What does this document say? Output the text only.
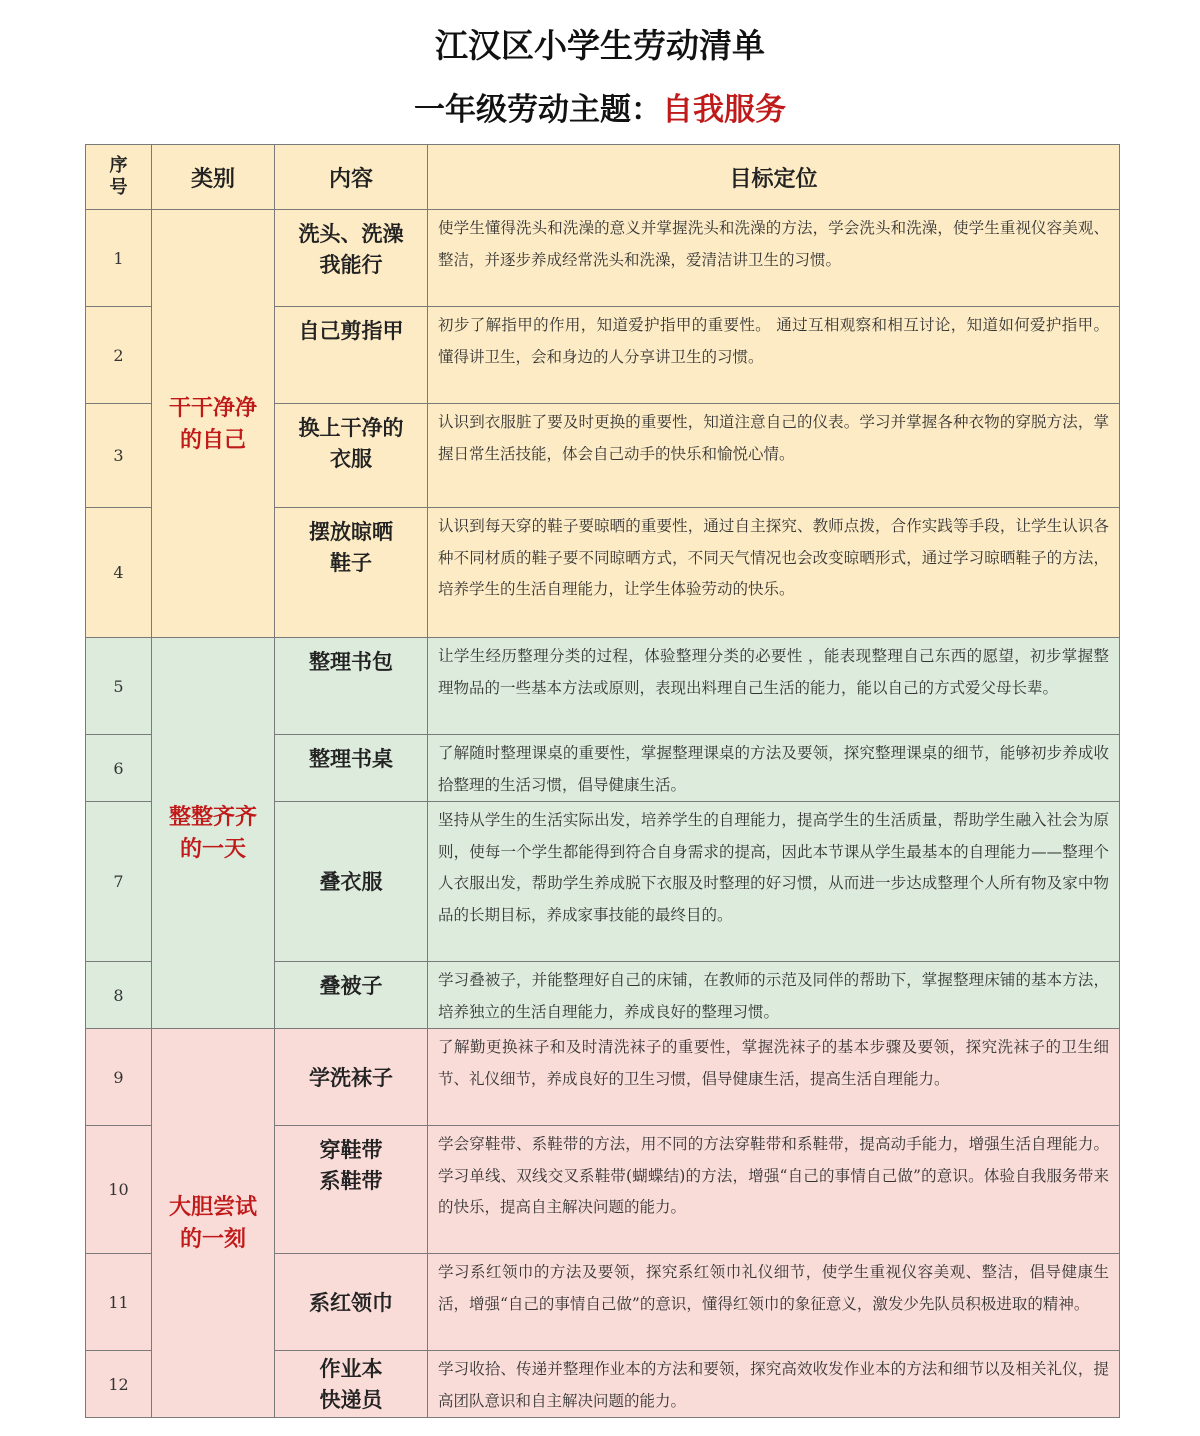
江汉区小学生劳动清单
一年级劳动主题：自我服务
序号	类别	内容	目标定位
1	干干净净的自己	洗头、洗澡我能行	使学生懂得洗头和洗澡的意义并掌握洗头和洗澡的方法，学会洗头和洗澡，使学生重视仪容美观、整洁，并逐步养成经常洗头和洗澡，爱清洁讲卫生的习惯。
2		自己剪指甲	初步了解指甲的作用，知道爱护指甲的重要性。 通过互相观察和相互讨论，知道如何爱护指甲。 懂得讲卫生，会和身边的人分享讲卫生的习惯。
3		换上干净的衣服	认识到衣服脏了要及时更换的重要性，知道注意自己的仪表。学习并掌握各种衣物的穿脱方法，掌握日常生活技能，体会自己动手的快乐和愉悦心情。
4		摆放晾晒鞋子	认识到每天穿的鞋子要晾晒的重要性，通过自主探究、教师点拨，合作实践等手段，让学生认识各种不同材质的鞋子要不同晾晒方式，不同天气情况也会改变晾晒形式，通过学习晾晒鞋子的方法，培养学生的生活自理能力，让学生体验劳动的快乐。
5	整整齐齐的一天	整理书包	让学生经历整理分类的过程，体验整理分类的必要性 ，能表现整理自己东西的愿望，初步掌握整理物品的一些基本方法或原则，表现出料理自己生活的能力，能以自己的方式爱父母长辈。
6		整理书桌	了解随时整理课桌的重要性，掌握整理课桌的方法及要领，探究整理课桌的细节，能够初步养成收拾整理的生活习惯，倡导健康生活。
7		叠衣服	坚持从学生的生活实际出发，培养学生的自理能力，提高学生的生活质量，帮助学生融入社会为原则，使每一个学生都能得到符合自身需求的提高，因此本节课从学生最基本的自理能力——整理个人衣服出发，帮助学生养成脱下衣服及时整理的好习惯，从而进一步达成整理个人所有物及家中物品的长期目标，养成家事技能的最终目的。
8		叠被子	学习叠被子，并能整理好自己的床铺，在教师的示范及同伴的帮助下，掌握整理床铺的基本方法，培养独立的生活自理能力，养成良好的整理习惯。
9	大胆尝试的一刻	学洗袜子	了解勤更换袜子和及时清洗袜子的重要性，掌握洗袜子的基本步骤及要领，探究洗袜子的卫生细节、礼仪细节，养成良好的卫生习惯，倡导健康生活，提高生活自理能力。
10		穿鞋带系鞋带	学会穿鞋带、系鞋带的方法，用不同的方法穿鞋带和系鞋带，提高动手能力，增强生活自理能力。学习单线、双线交叉系鞋带(蝴蝶结)的方法，增强“自己的事情自己做”的意识。体验自我服务带来的快乐，提高自主解决问题的能力。
11		系红领巾	学习系红领巾的方法及要领，探究系红领巾礼仪细节，使学生重视仪容美观、整洁，倡导健康生活，增强“自己的事情自己做”的意识，懂得红领巾的象征意义，激发少先队员积极进取的精神。
12		作业本快递员	学习收拾、传递并整理作业本的方法和要领，探究高效收发作业本的方法和细节以及相关礼仪，提高团队意识和自主解决问题的能力。
